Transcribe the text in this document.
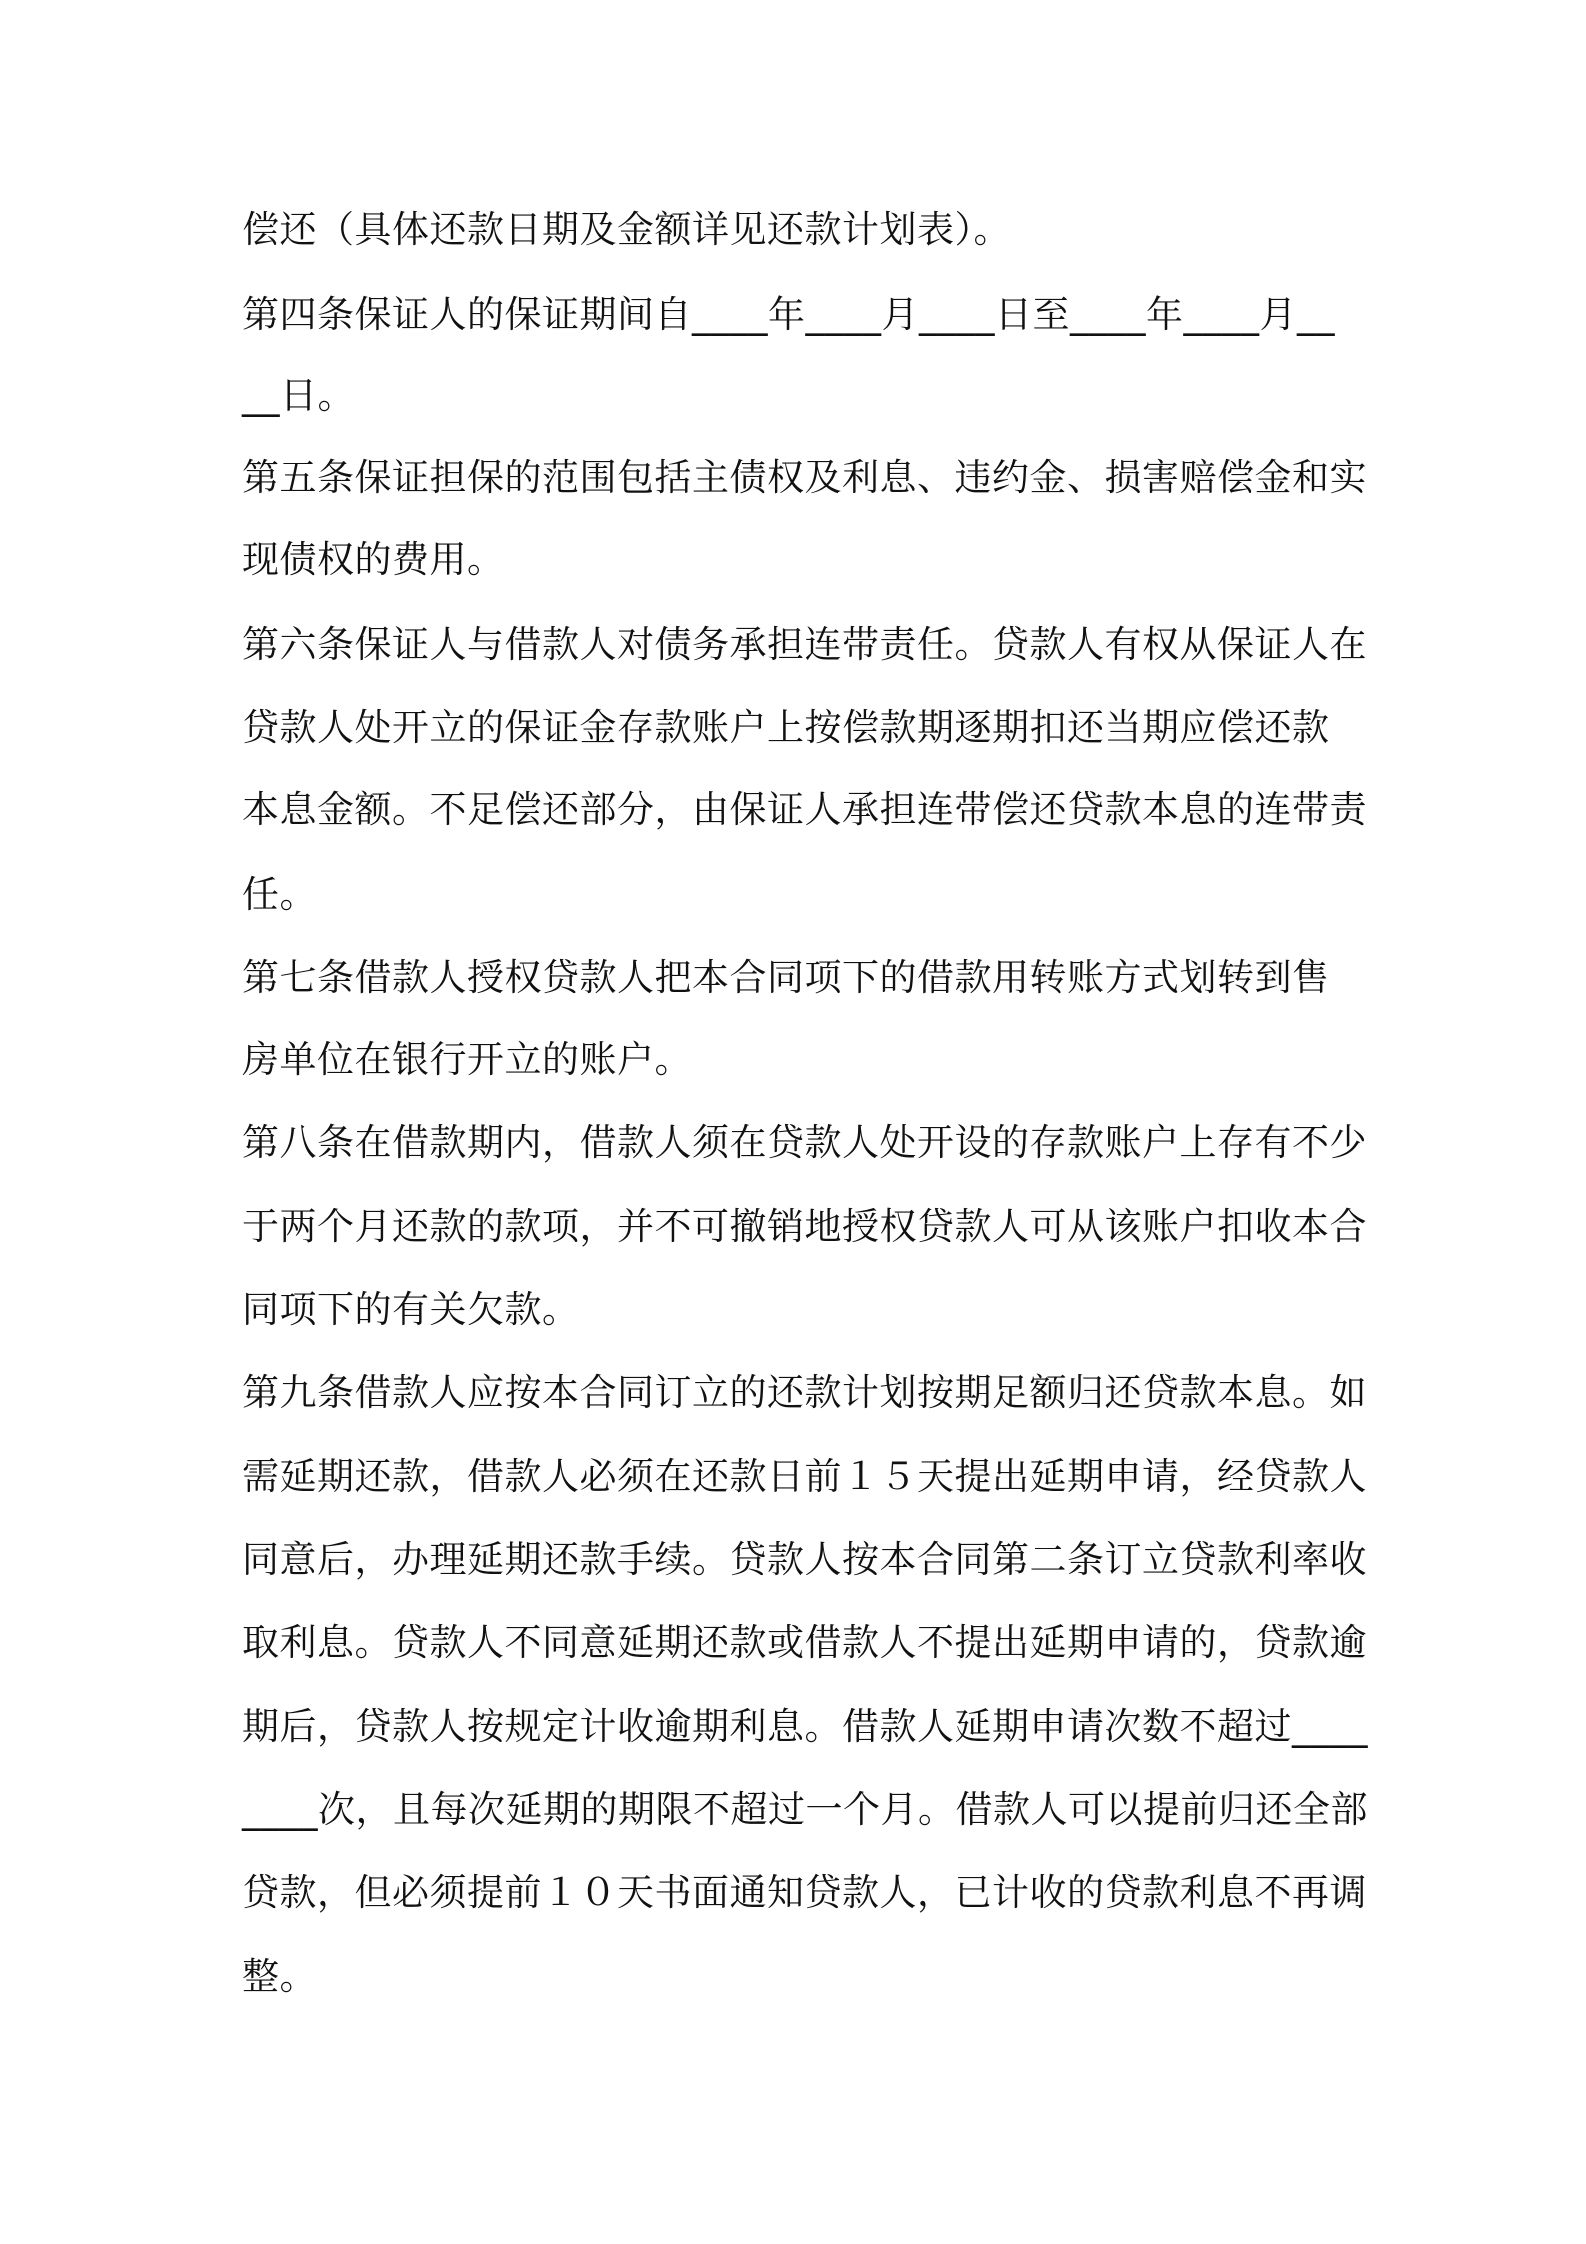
偿还（具体还款日期及金额详见还款计划表）。
第四条保证人的保证期间自____年____月____日至____年____月__
__日。
第五条保证担保的范围包括主债权及利息、违约金、损害赔偿金和实
现债权的费用。
第六条保证人与借款人对债务承担连带责任。贷款人有权从保证人在
贷款人处开立的保证金存款账户上按偿款期逐期扣还当期应偿还款
本息金额。不足偿还部分，由保证人承担连带偿还贷款本息的连带责
任。
第七条借款人授权贷款人把本合同项下的借款用转账方式划转到售
房单位在银行开立的账户。
第八条在借款期内，借款人须在贷款人处开设的存款账户上存有不少
于两个月还款的款项，并不可撤销地授权贷款人可从该账户扣收本合
同项下的有关欠款。
第九条借款人应按本合同订立的还款计划按期足额归还贷款本息。如
需延期还款，借款人必须在还款日前１５天提出延期申请，经贷款人
同意后，办理延期还款手续。贷款人按本合同第二条订立贷款利率收
取利息。贷款人不同意延期还款或借款人不提出延期申请的，贷款逾
期后，贷款人按规定计收逾期利息。借款人延期申请次数不超过____
____次，且每次延期的期限不超过一个月。借款人可以提前归还全部
贷款，但必须提前１０天书面通知贷款人，已计收的贷款利息不再调
整。
